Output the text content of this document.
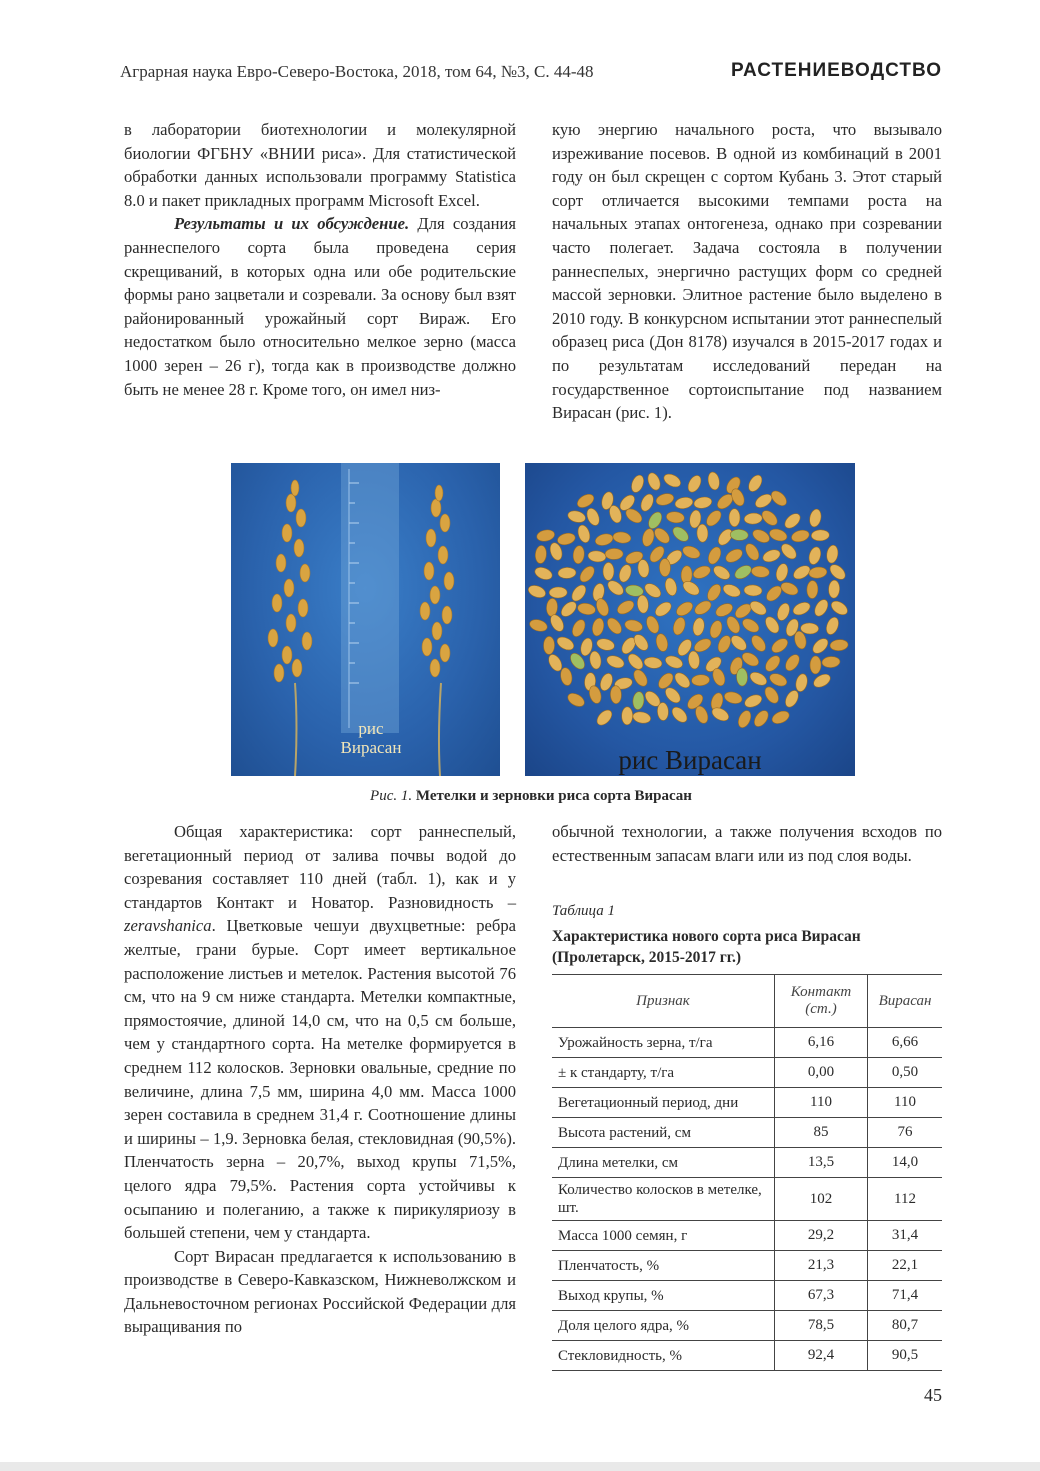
Аграрная наука Евро-Северо-Востока, 2018, том 64, №3, С. 44-48	РАСТЕНИЕВОДСТВО

в лаборатории биотехнологии и молекулярной биологии ФГБНУ «ВНИИ риса». Для статистической обработки данных использовали программу Statistica 8.0 и пакет прикладных программ Microsoft Excel.

Результаты и их обсуждение. Для создания раннеспелого сорта была проведена серия скрещиваний, в которых одна или обе родительские формы рано зацветали и созревали. За основу был взят районированный урожайный сорт Вираж. Его недостатком было относительно мелкое зерно (масса 1000 зерен – 26 г), тогда как в производстве должно быть не менее 28 г. Кроме того, он имел низ-

кую энергию начального роста, что вызывало изреживание посевов. В одной из комбинаций в 2001 году он был скрещен с сортом Кубань 3. Этот старый сорт отличается высокими темпами роста на начальных этапах онтогенеза, однако при созревании часто полегает. Задача состояла в получении раннеспелых, энергично растущих форм со средней массой зерновки. Элитное растение было выделено в 2010 году. В конкурсном испытании этот раннеспелый образец риса (Дон 8178) изучался в 2015-2017 годах и по результатам исследований передан на государственное сортоиспытание под названием Вирасан (рис. 1).

рис
Вирасан	рис Вирасан
Рис. 1. Метелки и зерновки риса сорта Вирасан

Общая характеристика: сорт раннеспелый, вегетационный период от залива почвы водой до созревания составляет 110 дней (табл. 1), как и у стандартов Контакт и Новатор. Разновидность – zeravshanica. Цветковые чешуи двухцветные: ребра желтые, грани бурые. Сорт имеет вертикальное расположение листьев и метелок. Растения высотой 76 см, что на 9 см ниже стандарта. Метелки компактные, прямостоячие, длиной 14,0 см, что на 0,5 см больше, чем у стандартного сорта. На метелке формируется в среднем 112 колосков. Зерновки овальные, средние по величине, длина 7,5 мм, ширина 4,0 мм. Масса 1000 зерен составила в среднем 31,4 г. Соотношение длины и ширины – 1,9. Зерновка белая, стекловидная (90,5%). Пленчатость зерна – 20,7%, выход крупы 71,5%, целого ядра 79,5%. Растения сорта устойчивы к осыпанию и полеганию, а также к пирикуляриозу в большей степени, чем у стандарта.

Сорт Вирасан предлагается к использованию в производстве в Северо-Кавказском, Нижневолжском и Дальневосточном регионах Российской Федерации для выращивания по

обычной технологии, а также получения всходов по естественным запасам влаги или из под слоя воды.

Таблица 1
Характеристика нового сорта риса Вирасан (Пролетарск, 2015-2017 гг.)
Признак	Контакт (ст.)	Вирасан
Урожайность зерна, т/га	6,16	6,66
± к стандарту, т/га	0,00	0,50
Вегетационный период, дни	110	110
Высота растений, см	85	76
Длина метелки, см	13,5	14,0
Количество колосков в метелке, шт.	102	112
Масса 1000 семян, г	29,2	31,4
Пленчатость, %	21,3	22,1
Выход крупы, %	67,3	71,4
Доля целого ядра, %	78,5	80,7
Стекловидность, %	92,4	90,5
45
